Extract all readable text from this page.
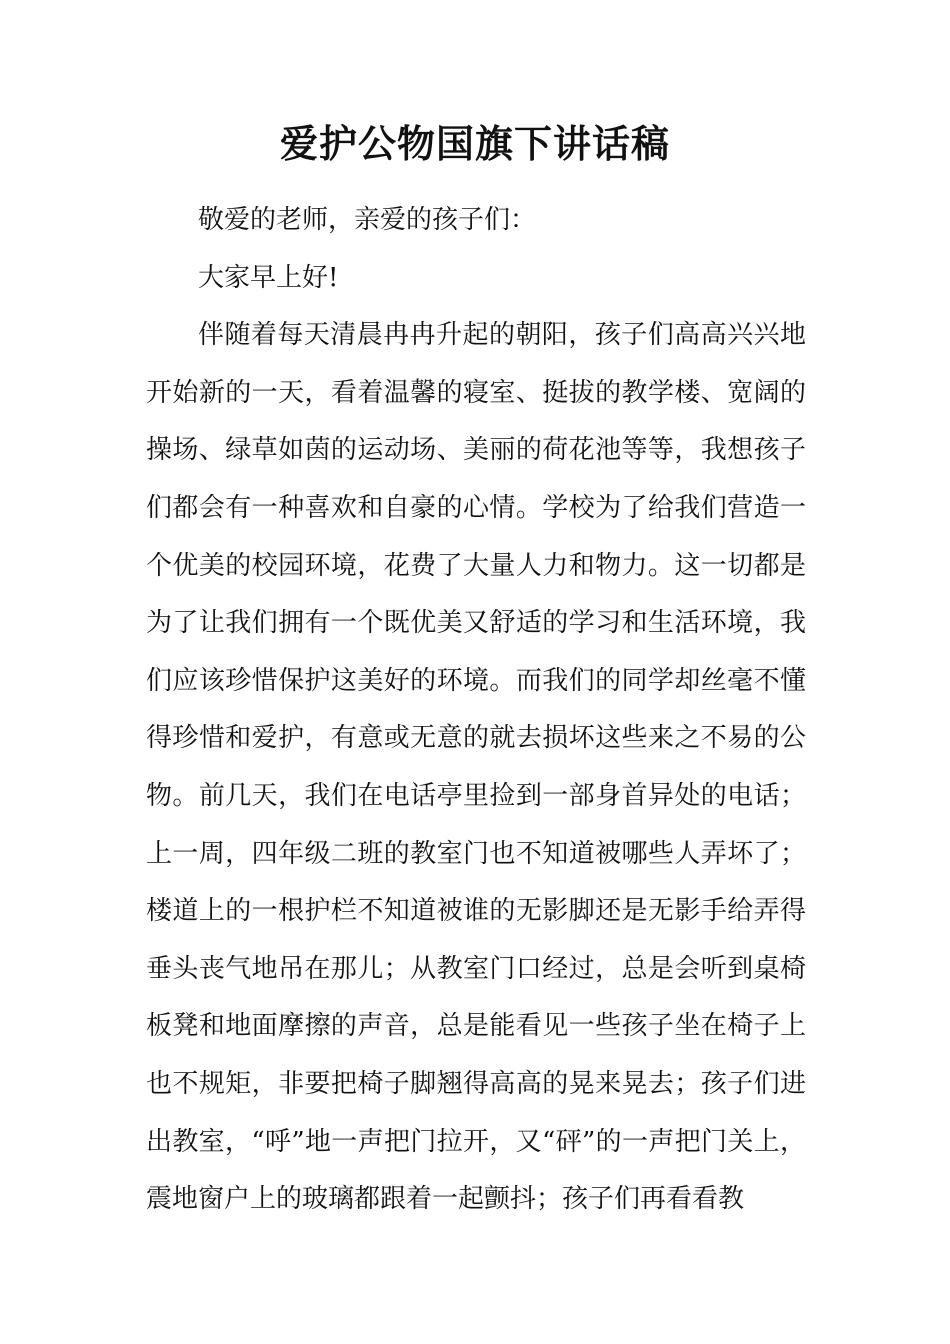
爱护公物国旗下讲话稿

敬爱的老师，亲爱的孩子们：

大家早上好!

伴随着每天清晨冉冉升起的朝阳，孩子们高高兴兴地开始新的一天，看着温馨的寝室、挺拔的教学楼、宽阔的操场、绿草如茵的运动场、美丽的荷花池等等，我想孩子们都会有一种喜欢和自豪的心情。学校为了给我们营造一个优美的校园环境，花费了大量人力和物力。这一切都是为了让我们拥有一个既优美又舒适的学习和生活环境，我们应该珍惜保护这美好的环境。而我们的同学却丝毫不懂得珍惜和爱护，有意或无意的就去损坏这些来之不易的公物。前几天，我们在电话亭里捡到一部身首异处的电话；上一周，四年级二班的教室门也不知道被哪些人弄坏了；楼道上的一根护栏不知道被谁的无影脚还是无影手给弄得垂头丧气地吊在那儿；从教室门口经过，总是会听到桌椅板凳和地面摩擦的声音，总是能看见一些孩子坐在椅子上也不规矩，非要把椅子脚翘得高高的晃来晃去；孩子们进出教室，“呼”地一声把门拉开，又“砰”的一声把门关上，震地窗户上的玻璃都跟着一起颤抖；孩子们再看看教
